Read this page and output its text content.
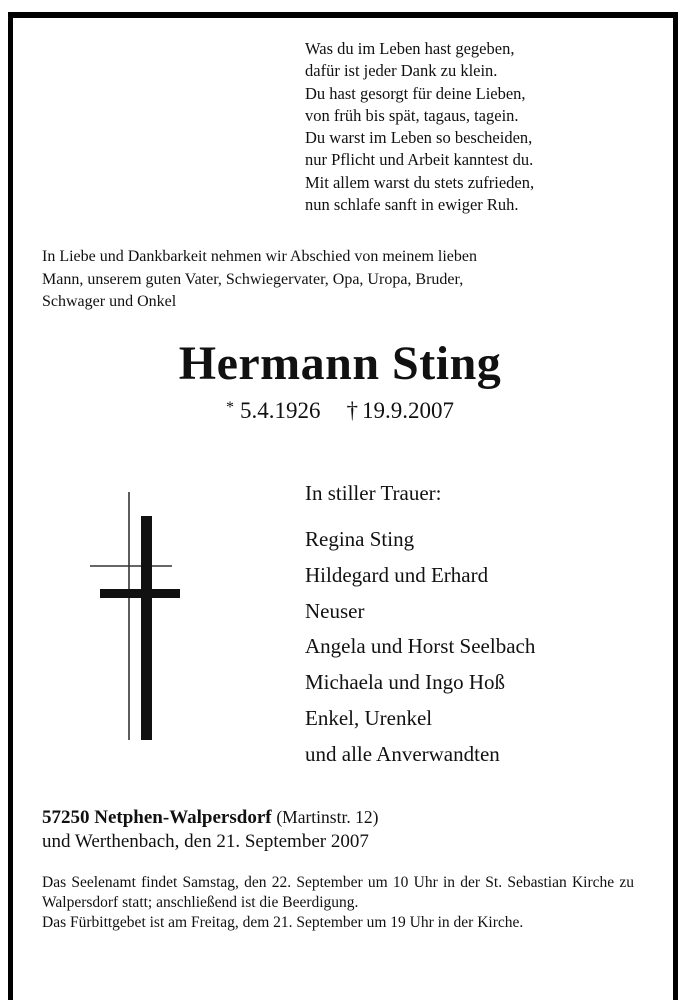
Was du im Leben hast gegeben,
dafür ist jeder Dank zu klein.
Du hast gesorgt für deine Lieben,
von früh bis spät, tagaus, tagein.
Du warst im Leben so bescheiden,
nur Pflicht und Arbeit kanntest du.
Mit allem warst du stets zufrieden,
nun schlafe sanft in ewiger Ruh.
In Liebe und Dankbarkeit nehmen wir Abschied von meinem lieben
Mann, unserem guten Vater, Schwiegervater, Opa, Uropa, Bruder,
Schwager und Onkel
Hermann Sting
* 5.4.1926 † 19.9.2007
In stiller Trauer:
Regina Sting
Hildegard und Erhard
Neuser
Angela und Horst Seelbach
Michaela und Ingo Hoß
Enkel, Urenkel
und alle Anverwandten
57250 Netphen-Walpersdorf (Martinstr. 12)
und Werthenbach, den 21. September 2007
Das Seelenamt findet Samstag, den 22. September um 10 Uhr in der St. Sebastian Kirche zu Walpersdorf statt; anschließend ist die Beerdigung.
Das Fürbittgebet ist am Freitag, dem 21. September um 19 Uhr in der Kirche.
